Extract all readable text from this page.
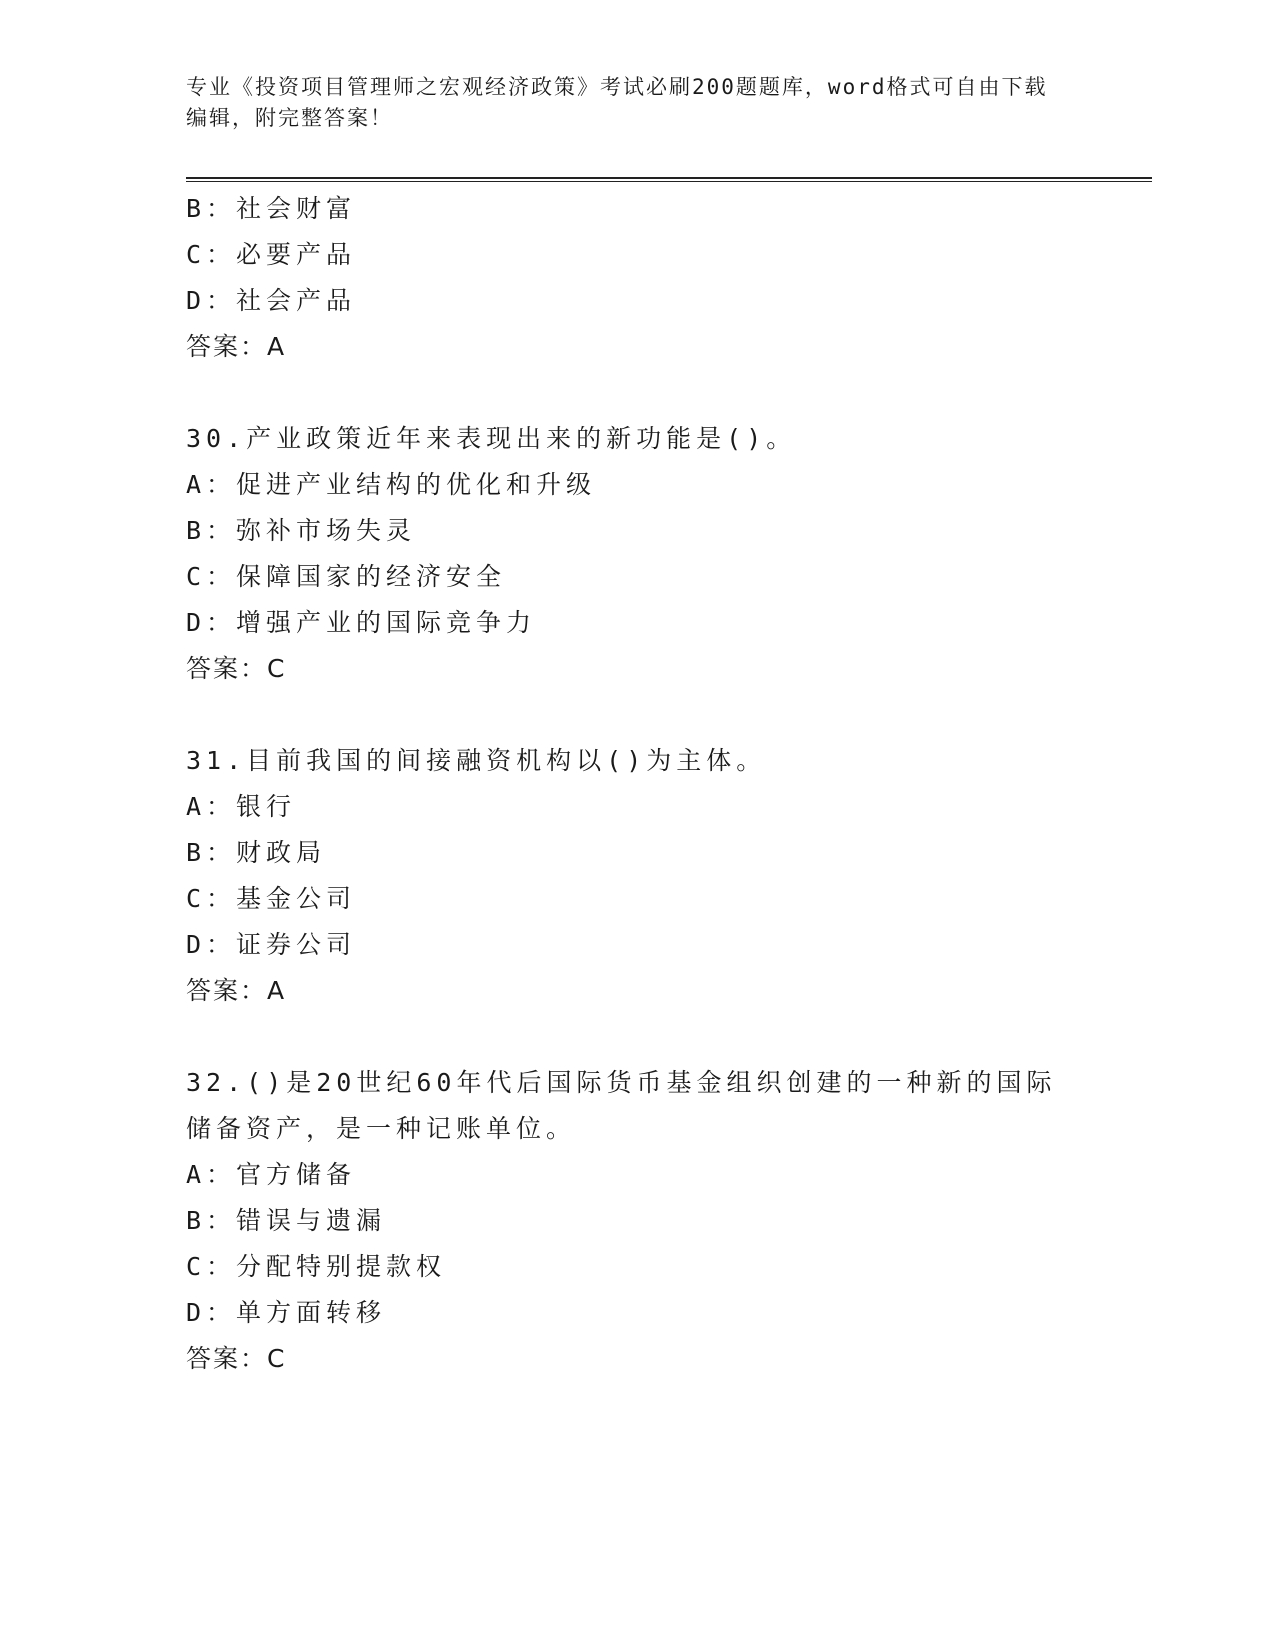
专业《投资项目管理师之宏观经济政策》考试必刷200题题库，word格式可自由下载编辑，附完整答案！
B：社会财富
C：必要产品
D：社会产品
答案：A
30.产业政策近年来表现出来的新功能是()。
A：促进产业结构的优化和升级
B：弥补市场失灵
C：保障国家的经济安全
D：增强产业的国际竞争力
答案：C
31.目前我国的间接融资机构以()为主体。
A：银行
B：财政局
C：基金公司
D：证券公司
答案：A
32.()是20世纪60年代后国际货币基金组织创建的一种新的国际储备资产，是一种记账单位。
A：官方储备
B：错误与遗漏
C：分配特别提款权
D：单方面转移
答案：C
